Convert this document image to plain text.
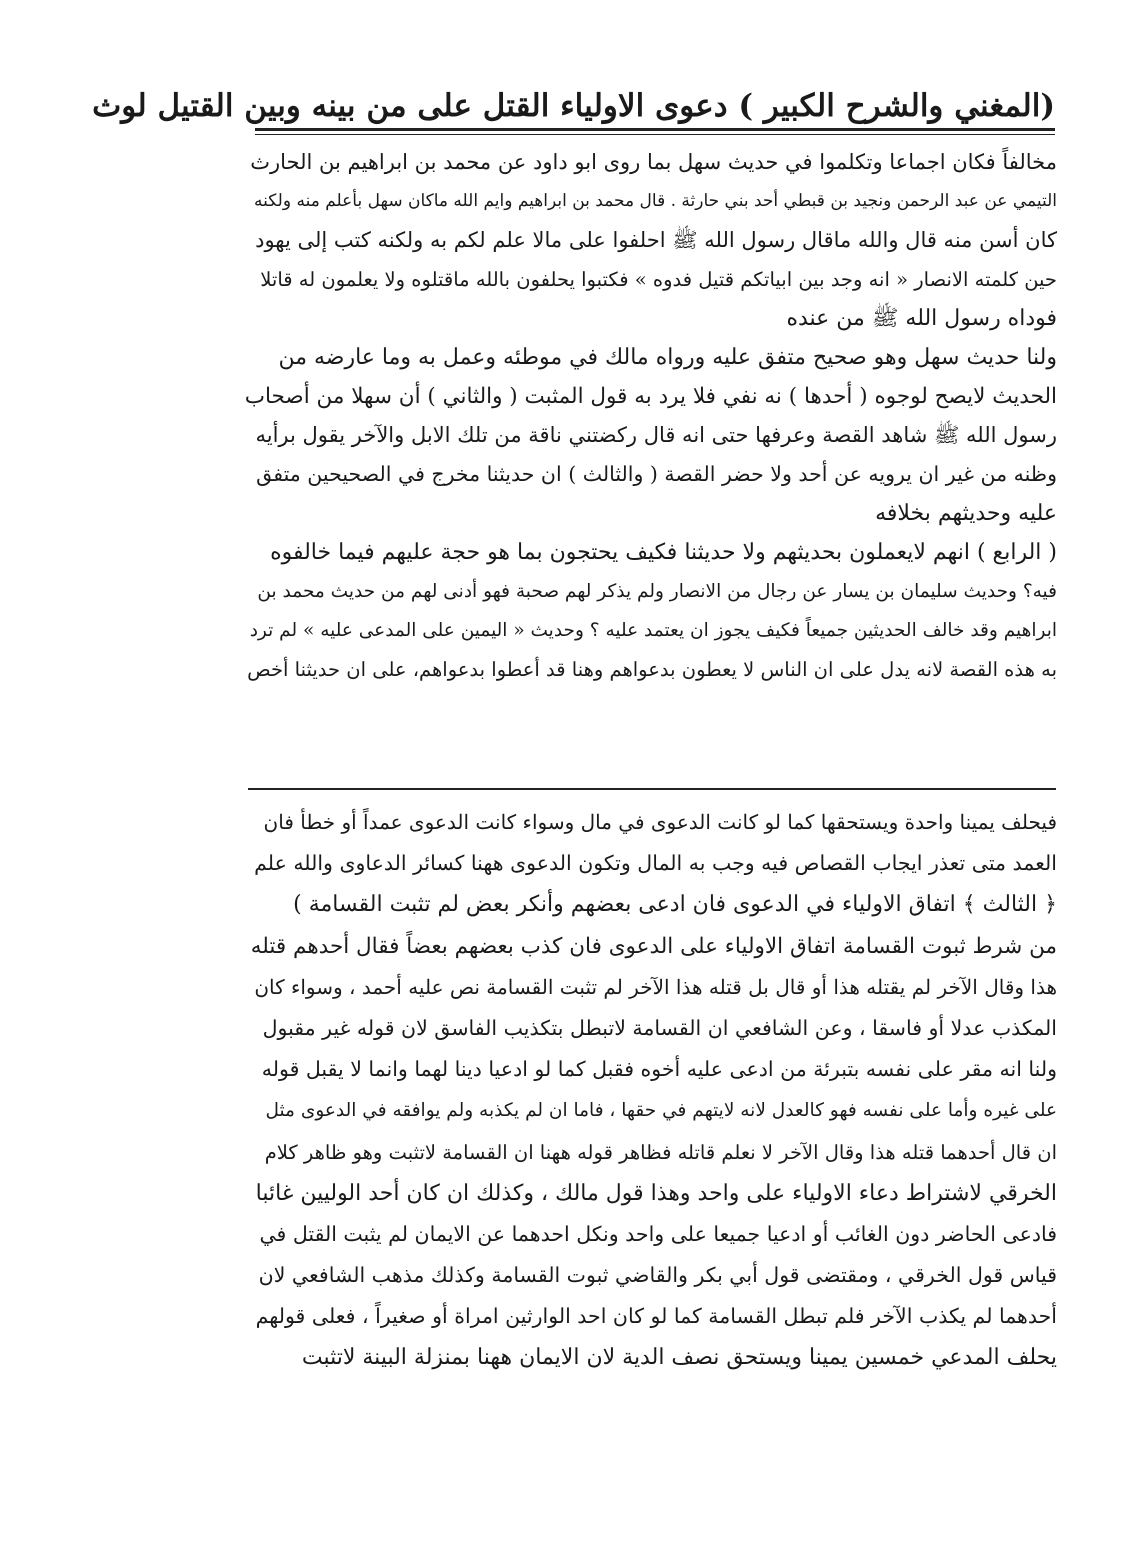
(المغني والشرح الكبير ) دعوى الاولياء القتل على من بينه وبين القتيل لوث
مخالفاً فكان اجماعا وتكلموا في حديث سهل بما روى ابو داود عن محمد بن ابراهيم بن الحارث
التيمي عن عبد الرحمن ونجيد بن قبطي أحد بني حارثة . قال محمد بن ابراهيم وايم الله ماكان سهل بأعلم منه ولكنه
كان أسن منه قال والله ماقال رسول الله ﷺ احلفوا على مالا علم لكم به ولكنه كتب إلى يهود
حين كلمته الانصار « انه وجد بين ابياتكم قتيل فدوه » فكتبوا يحلفون بالله ماقتلوه ولا يعلمون له قاتلا
فوداه رسول الله ﷺ من عنده
ولنا حديث سهل وهو صحيح متفق عليه ورواه مالك في موطئه وعمل به وما عارضه من
الحديث لايصح لوجوه ( أحدها ) نه نفي فلا يرد به قول المثبت ( والثاني ) أن سهلا من أصحاب
رسول الله ﷺ شاهد القصة وعرفها حتى انه قال ركضتني ناقة من تلك الابل والآخر يقول برأيه
وظنه من غير ان يرويه عن أحد ولا حضر القصة ( والثالث ) ان حديثنا مخرج في الصحيحين متفق
عليه وحديثهم بخلافه
( الرابع ) انهم لايعملون بحديثهم ولا حديثنا فكيف يحتجون بما هو حجة عليهم فيما خالفوه
فيه؟ وحديث سليمان بن يسار عن رجال من الانصار ولم يذكر لهم صحبة فهو أدنى لهم من حديث محمد بن
ابراهيم وقد خالف الحديثين جميعاً فكيف يجوز ان يعتمد عليه ؟ وحديث « اليمين على المدعى عليه » لم ترد
به هذه القصة لانه يدل على ان الناس لا يعطون بدعواهم وهنا قد أعطوا بدعواهم، على ان حديثنا أخص
فيحلف يمينا واحدة ويستحقها كما لو كانت الدعوى في مال وسواء كانت الدعوى عمداً أو خطأ فان
العمد متى تعذر ايجاب القصاص فيه وجب به المال وتكون الدعوى ههنا كسائر الدعاوى والله علم
﴿ الثالث ﴾ اتفاق الاولياء في الدعوى فان ادعى بعضهم وأنكر بعض لم تثبت القسامة )
من شرط ثبوت القسامة اتفاق الاولياء على الدعوى فان كذب بعضهم بعضاً فقال أحدهم قتله
هذا وقال الآخر لم يقتله هذا أو قال بل قتله هذا الآخر لم تثبت القسامة نص عليه أحمد ، وسواء كان
المكذب عدلا أو فاسقا ، وعن الشافعي ان القسامة لاتبطل بتكذيب الفاسق لان قوله غير مقبول
ولنا انه مقر على نفسه بتبرئة من ادعى عليه أخوه فقبل كما لو ادعيا دينا لهما وانما لا يقبل قوله
على غيره وأما على نفسه فهو كالعدل لانه لايتهم في حقها ، فاما ان لم يكذبه ولم يوافقه في الدعوى مثل
ان قال أحدهما قتله هذا وقال الآخر لا نعلم قاتله فظاهر قوله ههنا ان القسامة لاتثبت وهو ظاهر كلام
الخرقي لاشتراط دعاء الاولياء على واحد وهذا قول مالك ، وكذلك ان كان أحد الوليين غائبا
فادعى الحاضر دون الغائب أو ادعيا جميعا على واحد ونكل احدهما عن الايمان لم يثبت القتل في
قياس قول الخرقي ، ومقتضى قول أبي بكر والقاضي ثبوت القسامة وكذلك مذهب الشافعي لان
أحدهما لم يكذب الآخر فلم تبطل القسامة كما لو كان احد الوارثين امراة أو صغيراً ، فعلى قولهم
يحلف المدعي خمسين يمينا ويستحق نصف الدية لان الايمان ههنا بمنزلة البينة لاتثبت
